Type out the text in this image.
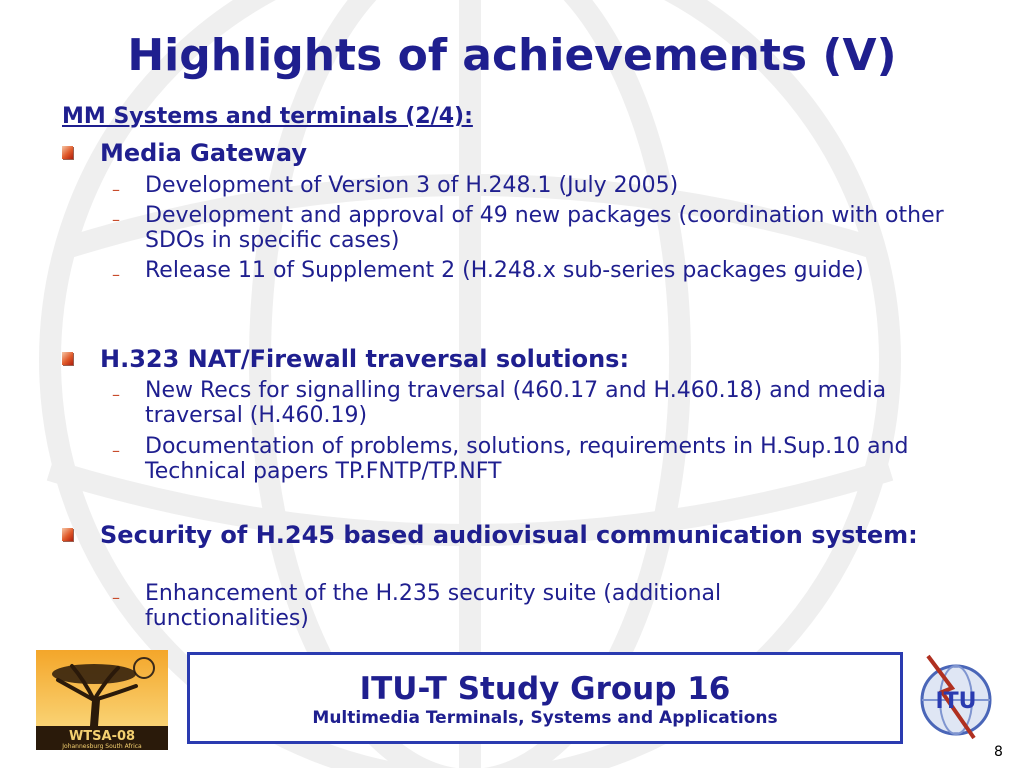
Highlights of achievements (V)
MM Systems and terminals (2/4):
Media Gateway
– Development of Version 3 of H.248.1 (July 2005)
– Development and approval of 49 new packages (coordination with other SDOs in specific cases)
– Release 11 of Supplement 2 (H.248.x sub-series packages guide)
H.323 NAT/Firewall traversal solutions:
– New Recs for signalling traversal (460.17 and H.460.18) and media traversal (H.460.19)
– Documentation of problems, solutions, requirements in H.Sup.10 and Technical papers TP.FNTP/TP.NFT
Security of H.245 based audiovisual communication system:
– Enhancement of the H.235 security suite (additional functionalities)
WTSA-08
Johannesburg South Africa
ITU-T Study Group 16
Multimedia Terminals, Systems and Applications
ITU
8
